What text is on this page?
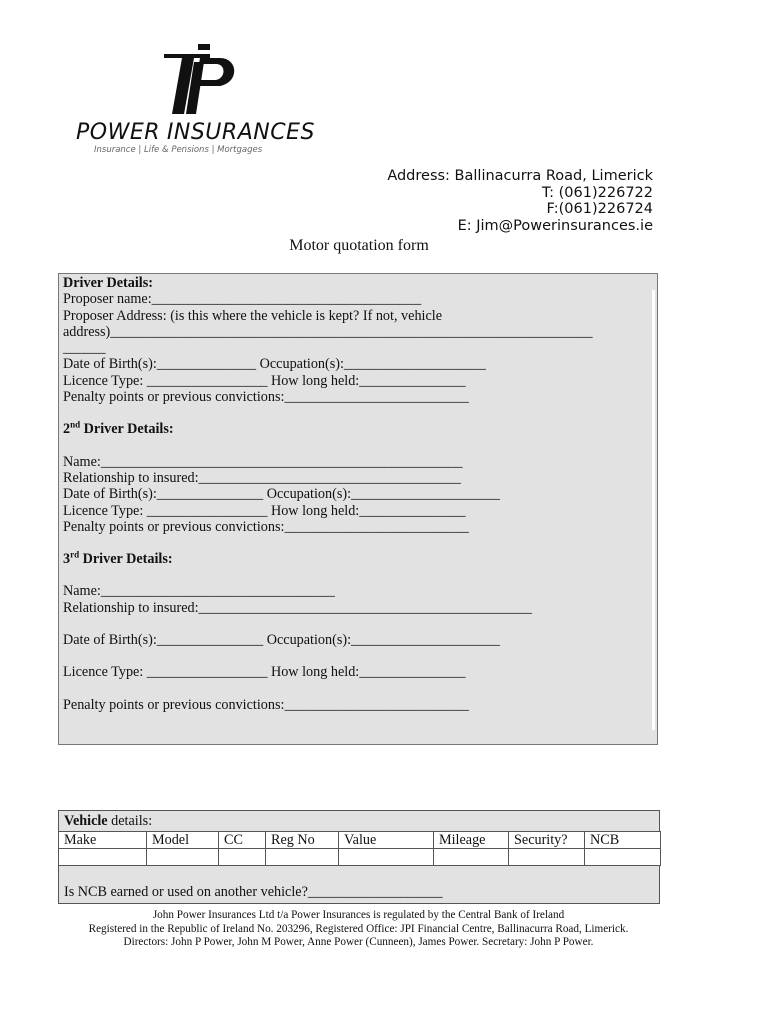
POWER INSURANCES
Insurance | Life & Pensions | Mortgages
Address: Ballinacurra Road, Limerick
T: (061)226722
F:(061)226724
E: Jim@Powerinsurances.ie
Motor quotation form
Driver Details:
Proposer name:______________________________________
Proposer Address: (is this where the vehicle is kept? If not, vehicle
address)____________________________________________________________________
______
Date of Birth(s):______________ Occupation(s):____________________
Licence Type: _________________ How long held:_______________
Penalty points or previous convictions:__________________________
2nd Driver Details:
Name:___________________________________________________
Relationship to insured:_____________________________________
Date of Birth(s):_______________ Occupation(s):_____________________
Licence Type: _________________ How long held:_______________
Penalty points or previous convictions:__________________________
3rd Driver Details:
Name:_________________________________
Relationship to insured:_______________________________________________
Date of Birth(s):_______________ Occupation(s):_____________________
Licence Type: _________________ How long held:_______________
Penalty points or previous convictions:__________________________
Vehicle details:
Make	Model	CC	Reg No	Value	Mileage	Security?	NCB

Is NCB earned or used on another vehicle?___________________
John Power Insurances Ltd t/a Power Insurances is regulated by the Central Bank of Ireland
Registered in the Republic of Ireland No. 203296, Registered Office: JPI Financial Centre, Ballinacurra Road, Limerick.
Directors: John P Power, John M Power, Anne Power (Cunneen), James Power. Secretary: John P Power.
